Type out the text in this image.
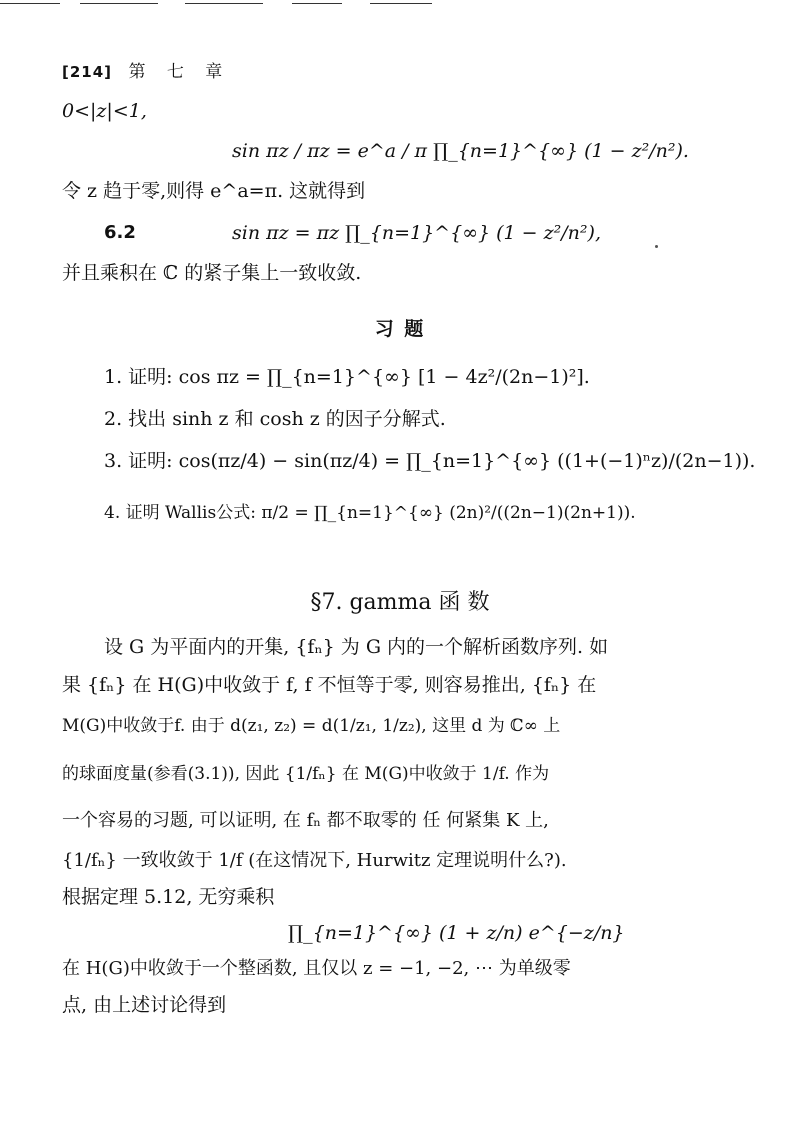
[214] 第 七 章
0<|z|<1,
sin πz / πz = e^a / π ∏_{n=1}^{∞} (1 − z²/n²).
令 z 趋于零,则得 e^a=π. 这就得到
6.2	sin πz = πz ∏_{n=1}^{∞} (1 − z²/n²),
并且乘积在 ℂ 的紧子集上一致收敛.
习 题
1. 证明: cos πz = ∏_{n=1}^{∞} [1 − 4z²/(2n−1)²].
2. 找出 sinh z 和 cosh z 的因子分解式.
3. 证明: cos(πz/4) − sin(πz/4) = ∏_{n=1}^{∞} ((1+(−1)ⁿz)/(2n−1)).
4. 证明 Wallis公式: π/2 = ∏_{n=1}^{∞} (2n)²/((2n−1)(2n+1)).
§7. gamma 函 数
设 G 为平面内的开集, {fₙ} 为 G 内的一个解析函数序列. 如
果 {fₙ} 在 H(G)中收敛于 f, f 不恒等于零, 则容易推出, {fₙ} 在
M(G)中收敛于f. 由于 d(z₁, z₂) = d(1/z₁, 1/z₂), 这里 d 为 ℂ∞ 上
的球面度量(参看(3.1)), 因此 {1/fₙ} 在 M(G)中收敛于 1/f. 作为
一个容易的习题, 可以证明, 在 fₙ 都不取零的 任 何紧集 K 上,
{1/fₙ} 一致收敛于 1/f (在这情况下, Hurwitz 定理说明什么?).
根据定理 5.12, 无穷乘积
∏_{n=1}^{∞} (1 + z/n) e^{−z/n}
在 H(G)中收敛于一个整函数, 且仅以 z = −1, −2, ⋯ 为单级零
点, 由上述讨论得到
